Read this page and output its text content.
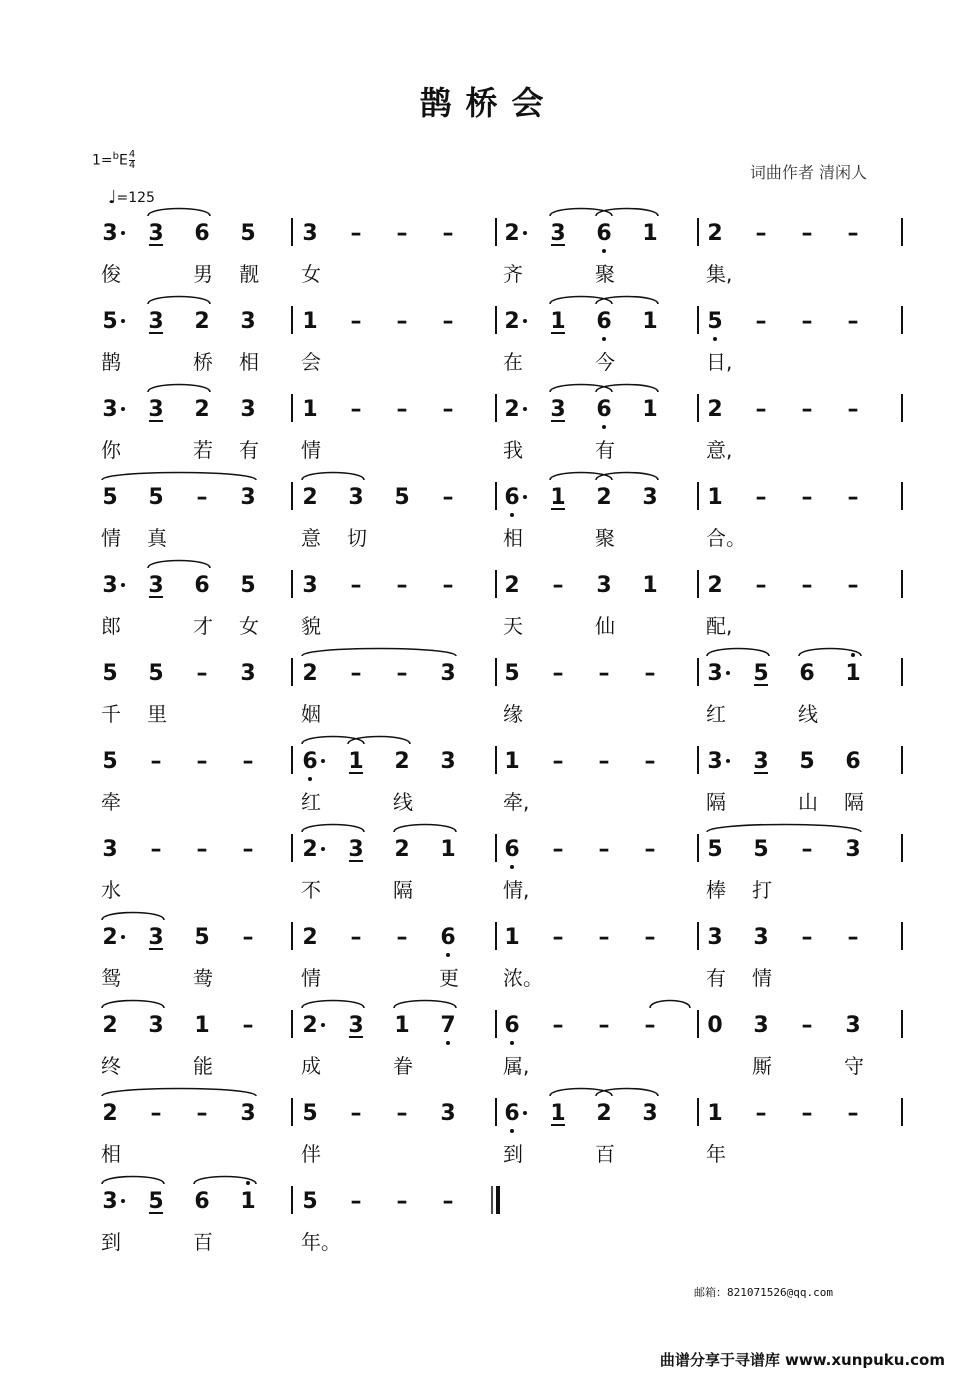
鹊桥会
$1=^bE \frac{4}{4}$
♩=125
词曲作者 清闲人
3 3 6 5 3 – – – 2 3 6 1 2 – – –
俊	男 靓 女	齐	聚	集,
5 3 2 3 1 – – – 2 1 6 1 5 – – –
鹊	桥 相 会	在	今	日,
3 3 2 3 1 – – – 2 3 6 1 2 – – –
你	若 有 情	我	有	意,
5 5 – 3 2 3 5 – 6 1 2 3 1 – – –
情 真	意 切	相	聚	合。
3 3 6 5 3 – – – 2 – 3 1 2 – – –
郎	才 女 貌	天	仙	配,
5 5 – 3 2 – – 3 5 – – – 3 5 6 1
千 里	姻	缘	红	线
5 – – – 6 1 2 3 1 – – – 3 3 5 6
牵	红	线	牵,	隔	山 隔
3 – – – 2 3 2 1 6 – – – 5 5 – 3
水	不	隔	情,	棒 打
2 3 5 – 2 – – 6 1 – – – 3 3 – –
鸳	鸯	情	更 浓。	有 情
2 3 1 – 2 3 1 7 6 – – – 0 3 – 3
终	能	成	眷	属,	厮	守
2 – – 3 5 – – 3 6 1 2 3 1 – – –
相	伴	到	百	年
3 5 6 1 5 – – –
到	百	年。
邮箱：821071526@qq.com
曲谱分享于寻谱库 www.xunpuku.com
